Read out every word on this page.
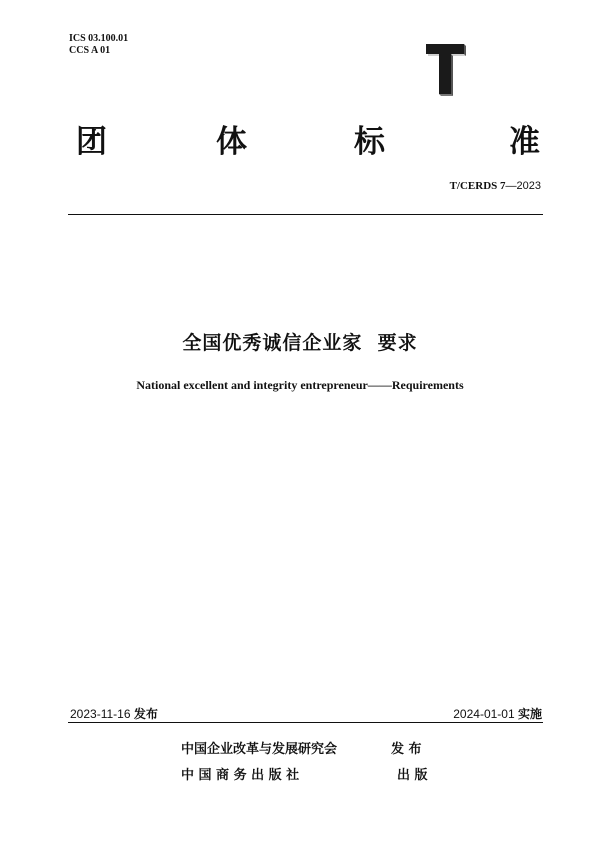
ICS 03.100.01
CCS A 01
团	体	标	准
T/CERDS 7—2023
全国优秀诚信企业家  要求
National excellent and integrity entrepreneur——Requirements
2023-11-16 发布	2024-01-01 实施
中国企业改革与发展研究会	发 布
中 国 商 务 出 版 社	出 版
